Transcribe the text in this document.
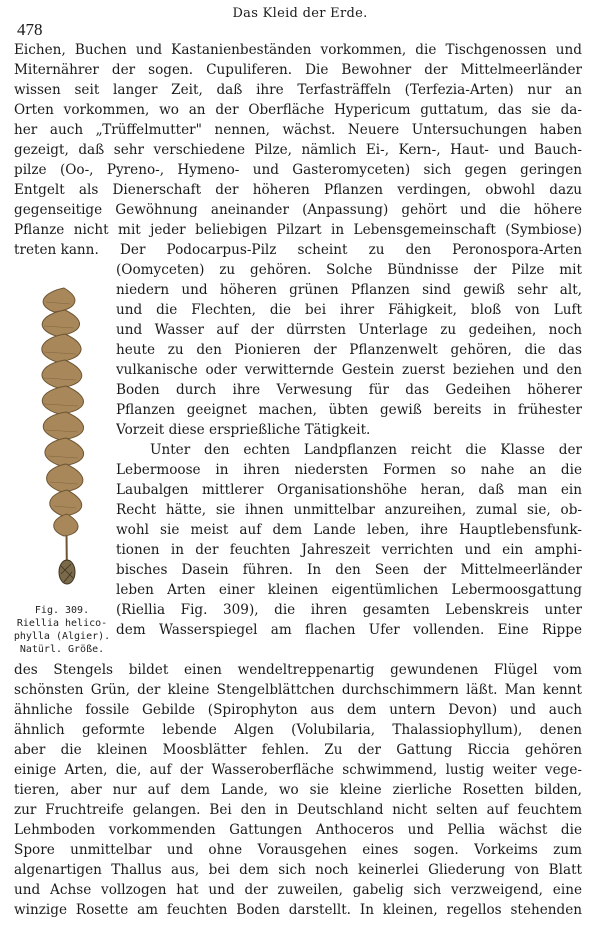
478
Das Kleid der Erde.
Eichen, Buchen und Kastanienbeständen vorkommen, die Tischgenossen und
Miternährer der sogen. Cupuliferen. Die Bewohner der Mittelmeerländer
wissen seit langer Zeit, daß ihre Terfasträffeln (Terfezia-Arten) nur an
Orten vorkommen, wo an der Oberfläche Hypericum guttatum, das sie da-
her auch „Trüffelmutter" nennen, wächst. Neuere Untersuchungen haben
gezeigt, daß sehr verschiedene Pilze, nämlich Ei-, Kern-, Haut- und Bauch-
pilze (Oo-, Pyreno-, Hymeno- und Gasteromyceten) sich gegen geringen
Entgelt als Dienerschaft der höheren Pflanzen verdingen, obwohl dazu
gegenseitige Gewöhnung aneinander (Anpassung) gehört und die höhere
Pflanze nicht mit jeder beliebigen Pilzart in Lebensgemeinschaft (Symbiose)
treten kann.	Der Podocarpus-Pilz scheint zu den Peronospora-Arten
(Oomyceten) zu gehören. Solche Bündnisse der Pilze mit
niedern und höheren grünen Pflanzen sind gewiß sehr alt,
und die Flechten, die bei ihrer Fähigkeit, bloß von Luft
und Wasser auf der dürrsten Unterlage zu gedeihen, noch
heute zu den Pionieren der Pflanzenwelt gehören, die das
vulkanische oder verwitternde Gestein zuerst beziehen und den
Boden durch ihre Verwesung für das Gedeihen höherer
Pflanzen geeignet machen, übten gewiß bereits in frühester
Vorzeit diese ersprießliche Tätigkeit.
Unter den echten Landpflanzen reicht die Klasse der
Lebermoose in ihren niedersten Formen so nahe an die
Laubalgen mittlerer Organisationshöhe heran, daß man ein
Recht hätte, sie ihnen unmittelbar anzureihen, zumal sie, ob-
wohl sie meist auf dem Lande leben, ihre Hauptlebensfunk-
tionen in der feuchten Jahreszeit verrichten und ein amphi-
bisches Dasein führen. In den Seen der Mittelmeerländer
leben Arten einer kleinen eigentümlichen Lebermoosgattung
(Riellia Fig. 309), die ihren gesamten Lebenskreis unter
dem Wasserspiegel am flachen Ufer vollenden. Eine Rippe
des Stengels bildet einen wendeltreppenartig gewundenen Flügel vom
schönsten Grün, der kleine Stengelblättchen durchschimmern läßt. Man kennt
ähnliche fossile Gebilde (Spirophyton aus dem untern Devon) und auch
ähnlich geformte lebende Algen (Volubilaria, Thalassiophyllum), denen
aber die kleinen Moosblätter fehlen. Zu der Gattung Riccia gehören
einige Arten, die, auf der Wasseroberfläche schwimmend, lustig weiter vege-
tieren, aber nur auf dem Lande, wo sie kleine zierliche Rosetten bilden,
zur Fruchtreife gelangen. Bei den in Deutschland nicht selten auf feuchtem
Lehmboden vorkommenden Gattungen Anthoceros und Pellia wächst die
Spore unmittelbar und ohne Vorausgehen eines sogen. Vorkeims zum
algenartigen Thallus aus, bei dem sich noch keinerlei Gliederung von Blatt
und Achse vollzogen hat und der zuweilen, gabelig sich verzweigend, eine
winzige Rosette am feuchten Boden darstellt. In kleinen, regellos stehenden
Fig. 309.
Riellia helico-
phylla (Algier).
Natürl. Größe.
